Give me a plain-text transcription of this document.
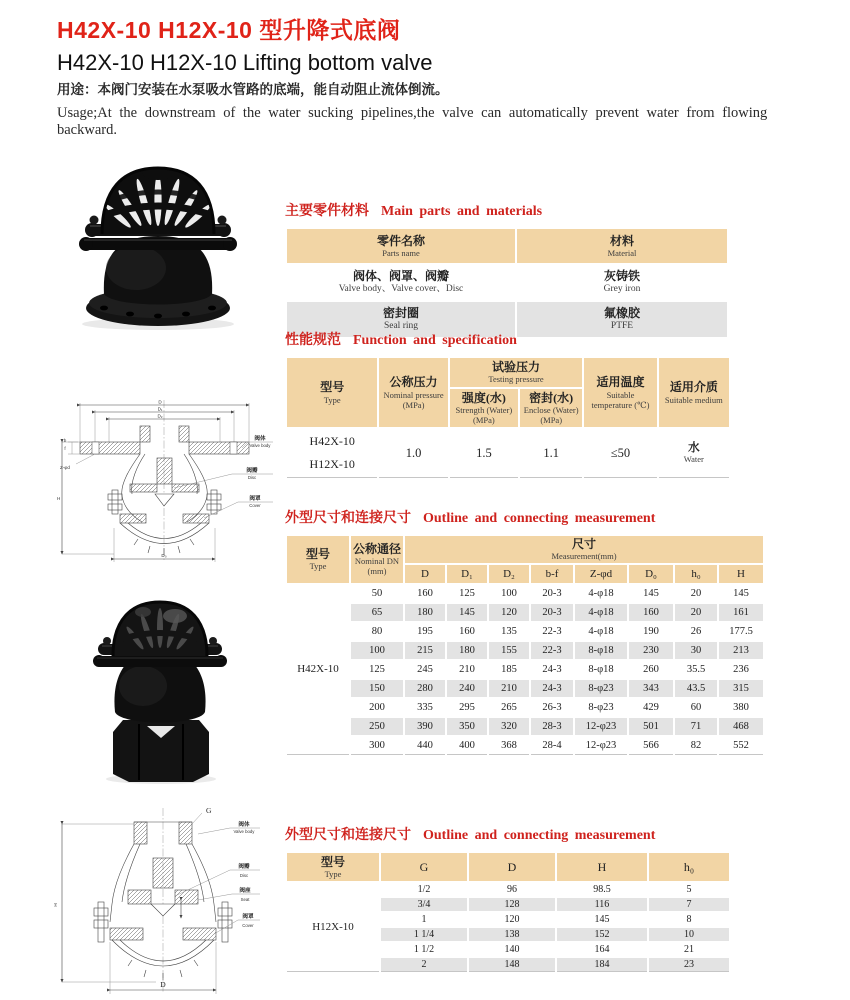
H42X-10 H12X-10 型升降式底阀
H42X-10 H12X-10 Lifting bottom valve
用途：本阀门安装在水泵吸水管路的底端，能自动阻止流体倒流。
Usage;At the downstream of the water sucking pipelines,the valve can automatically prevent water from flowing backward.
主要零件材料 Main parts and materials
零件名称
Parts name	材料
Material

阀体、阀罩、阀瓣
Valve body、Valve cover、Disc	灰铸铁
Grey iron

密封圈
Seal ring	氟橡胶
PTFE
性能规范 Function and specification
型号
Type	公称压力
Nominal pressure (MPa)	试验压力
Testing pressure		适用温度
Suitable temperature (℃)	适用介质
Suitable medium

		强度(水)
Strength (Water) (MPa)	密封(水)
Enclose (Water) (MPa)		

H42X-10
H12X-10
	1.0	1.5	1.1	≤50	水
Water
D
D₁
D₂
b
f
Z-φd
H
D₀
阀体
Valve body
阀瓣
Disc
阀罩
Cover
外型尺寸和连接尺寸 Outline and connecting measurement
型号
Type	公称通径
Nominal DN (mm)	尺寸
Measurement(mm)							

		D	D₁	D₂	b-f	Z-φd	D₀	h₀	H
H42X-10	50	160	125	100	20-3	4-φ18	145	20	145
	65	180	145	120	20-3	4-φ18	160	20	161
	80	195	160	135	22-3	4-φ18	190	26	177.5
	100	215	180	155	22-3	8-φ18	230	30	213
	125	245	210	185	24-3	8-φ18	260	35.5	236
	150	280	240	210	24-3	8-φ23	343	43.5	315
	200	335	295	265	26-3	8-φ23	429	60	380
	250	390	350	320	28-3	12-φ23	501	71	468
	300	440	400	368	28-4	12-φ23	566	82	552
G
H
D
阀体
Valve body
阀瓣
Disc
阀座
Seat
阀罩
Cover
外型尺寸和连接尺寸 Outline and connecting measurement
型号
Type	G	D	H	h₀
H12X-10	1/2	96	98.5	5
	3/4	128	116	7
	1	120	145	8
	1 1/4	138	152	10
	1 1/2	140	164	21
	2	148	184	23
